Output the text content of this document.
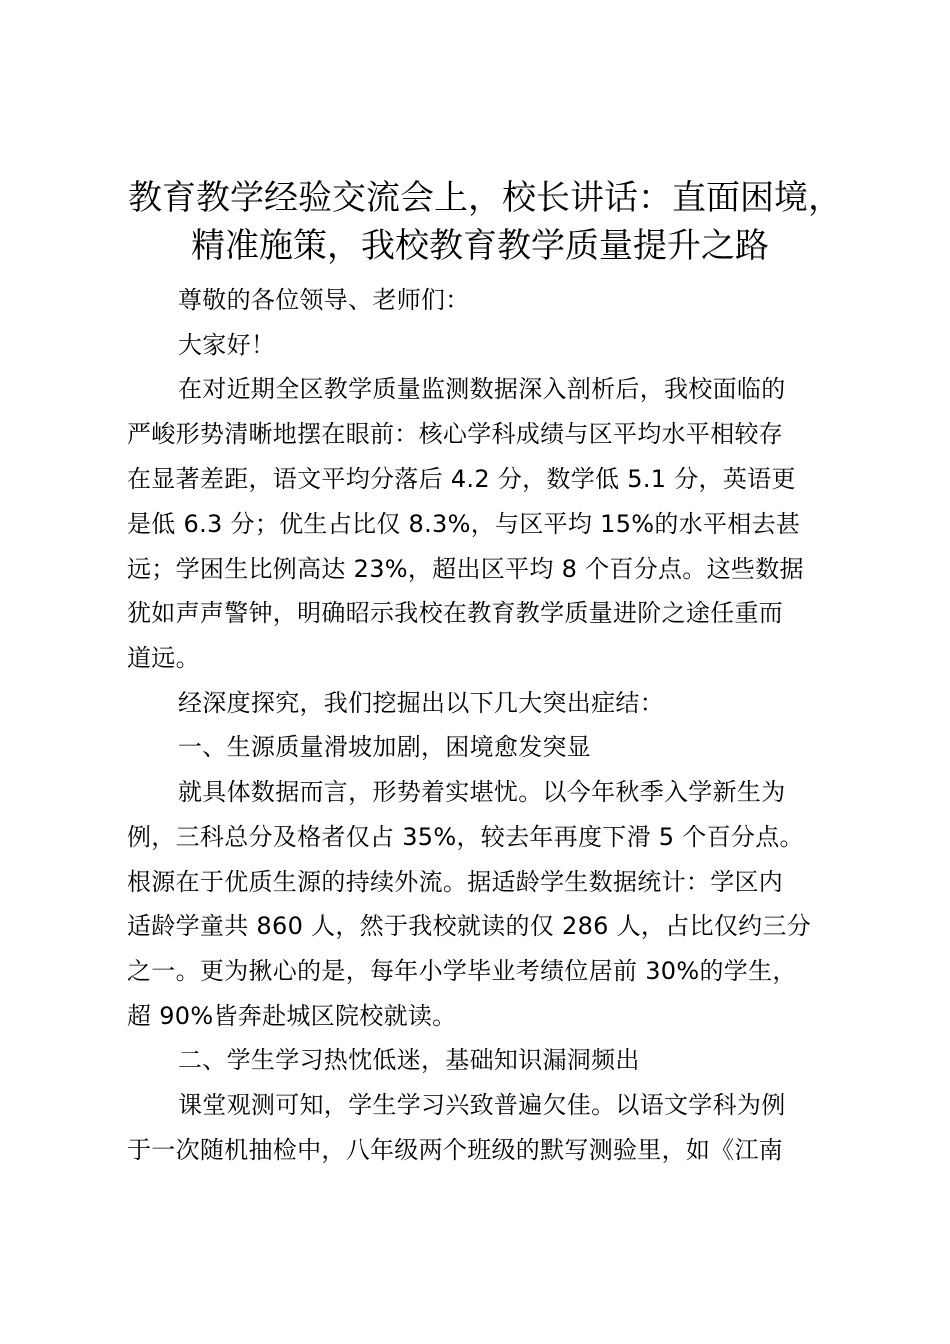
教育教学经验交流会上，校长讲话：直面困境，
精准施策，我校教育教学质量提升之路

尊敬的各位领导、老师们：

大家好！

在对近期全区教学质量监测数据深入剖析后，我校面临的

严峻形势清晰地摆在眼前：核心学科成绩与区平均水平相较存

在显著差距，语文平均分落后 4.2 分，数学低 5.1 分，英语更

是低 6.3 分；优生占比仅 8.3%，与区平均 15%的水平相去甚

远；学困生比例高达 23%，超出区平均 8 个百分点。这些数据

犹如声声警钟，明确昭示我校在教育教学质量进阶之途任重而

道远。

经深度探究，我们挖掘出以下几大突出症结：

一、生源质量滑坡加剧，困境愈发突显

就具体数据而言，形势着实堪忧。以今年秋季入学新生为

例，三科总分及格者仅占 35%，较去年再度下滑 5 个百分点。

根源在于优质生源的持续外流。据适龄学生数据统计：学区内

适龄学童共 860 人，然于我校就读的仅 286 人，占比仅约三分

之一。更为揪心的是，每年小学毕业考绩位居前 30%的学生，

超 90%皆奔赴城区院校就读。

二、学生学习热忱低迷，基础知识漏洞频出

课堂观测可知，学生学习兴致普遍欠佳。以语文学科为例

于一次随机抽检中，八年级两个班级的默写测验里，如《江南
